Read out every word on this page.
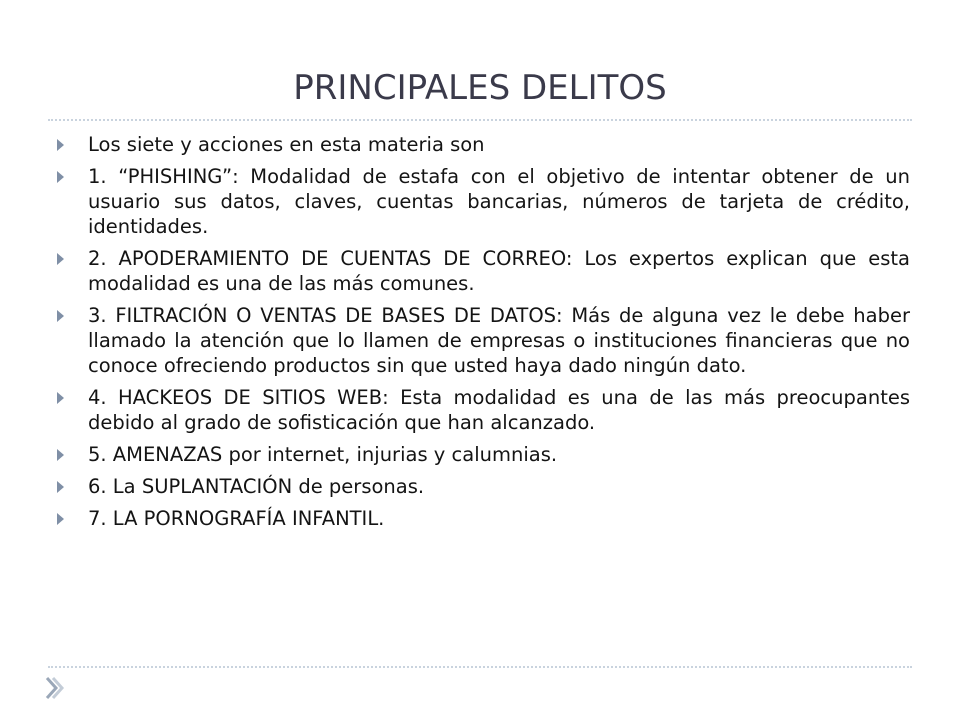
PRINCIPALES DELITOS
Los siete y acciones en esta materia son
1. “PHISHING”: Modalidad de estafa con el objetivo de intentar obtener de un usuario sus datos, claves, cuentas bancarias, números de tarjeta de crédito, identidades.
2. APODERAMIENTO DE CUENTAS DE CORREO: Los expertos explican que esta modalidad es una de las más comunes.
3. FILTRACIÓN O VENTAS DE BASES DE DATOS: Más de alguna vez le debe haber llamado la atención que lo llamen de empresas o instituciones financieras que no conoce ofreciendo productos sin que usted haya dado ningún dato.
4. HACKEOS DE SITIOS WEB: Esta modalidad es una de las más preocupantes debido al grado de sofisticación que han alcanzado.
5. AMENAZAS por internet, injurias y calumnias.
6. La SUPLANTACIÓN de personas.
7. LA PORNOGRAFÍA INFANTIL.
